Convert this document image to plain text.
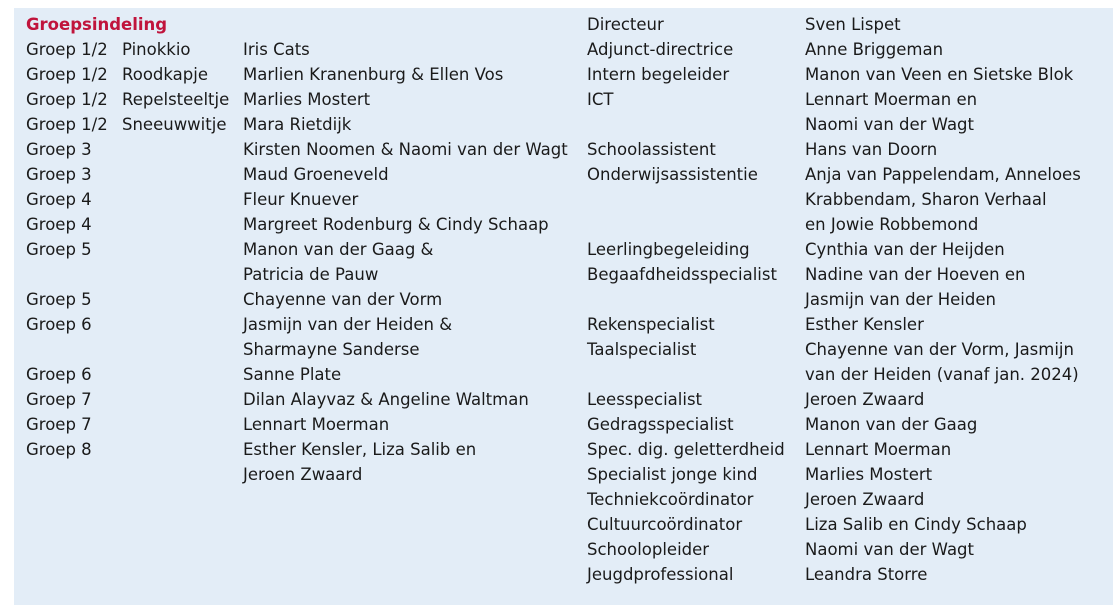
Groepsindeling
Groep 1/2
Groep 1/2
Groep 1/2
Groep 1/2
Groep 3
Groep 3
Groep 4
Groep 4
Groep 5
Groep 5
Groep 6
Groep 6
Groep 7
Groep 7
Groep 8
Pinokkio
Roodkapje
Repelsteeltje
Sneeuwwitje
Iris Cats
Marlien Kranenburg & Ellen Vos
Marlies Mostert
Mara Rietdijk
Kirsten Noomen & Naomi van der Wagt
Maud Groeneveld
Fleur Knuever
Margreet Rodenburg & Cindy Schaap
Manon van der Gaag &
Patricia de Pauw
Chayenne van der Vorm
Jasmijn van der Heiden &
Sharmayne Sanderse
Sanne Plate
Dilan Alayvaz & Angeline Waltman
Lennart Moerman
Esther Kensler, Liza Salib en
Jeroen Zwaard
Directeur
Adjunct-directrice
Intern begeleider
ICT
Schoolassistent
Onderwijsassistentie
Leerlingbegeleiding
Begaafdheidsspecialist
Rekenspecialist
Taalspecialist
Leesspecialist
Gedragsspecialist
Spec. dig. geletterdheid
Specialist jonge kind
Techniekcoördinator
Cultuurcoördinator
Schoolopleider
Jeugdprofessional
Sven Lispet
Anne Briggeman
Manon van Veen en Sietske Blok
Lennart Moerman en
Naomi van der Wagt
Hans van Doorn
Anja van Pappelendam, Anneloes
Krabbendam, Sharon Verhaal
en Jowie Robbemond
Cynthia van der Heijden
Nadine van der Hoeven en
Jasmijn van der Heiden
Esther Kensler
Chayenne van der Vorm, Jasmijn
van der Heiden (vanaf jan. 2024)
Jeroen Zwaard
Manon van der Gaag
Lennart Moerman
Marlies Mostert
Jeroen Zwaard
Liza Salib en Cindy Schaap
Naomi van der Wagt
Leandra Storre
